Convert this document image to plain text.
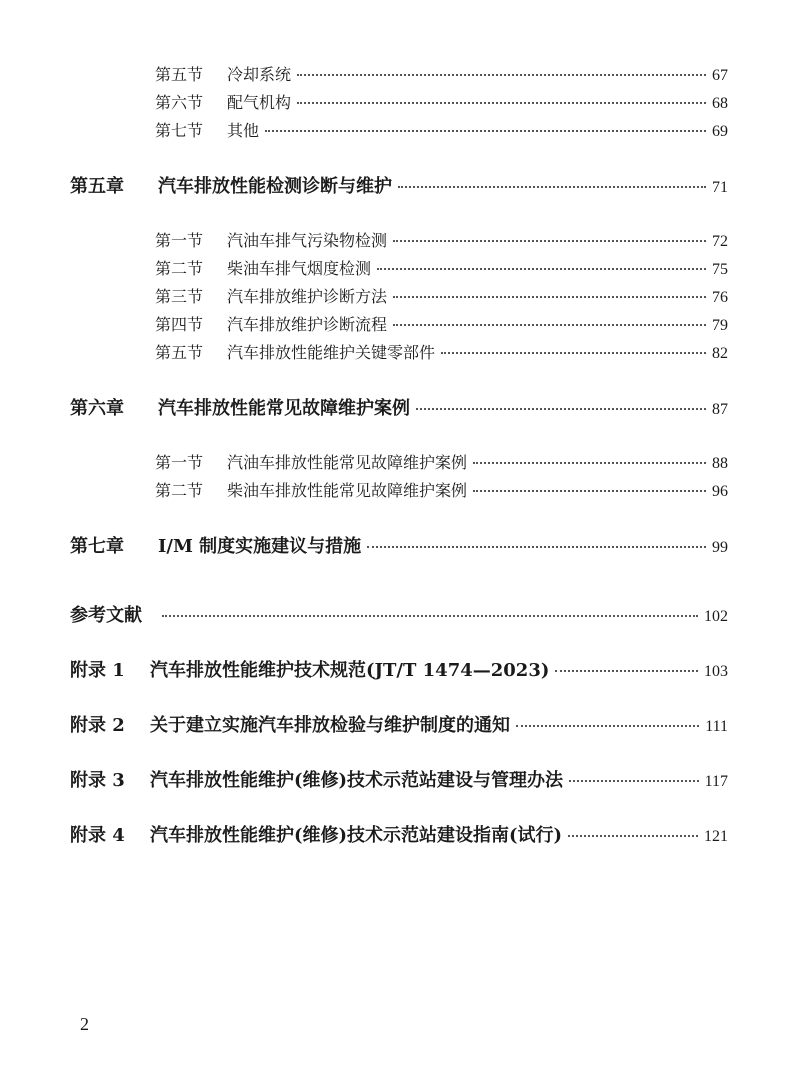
第五节	冷却系统	67
第六节	配气机构	68
第七节	其他	69
第五章	汽车排放性能检测诊断与维护	71
第一节	汽油车排气污染物检测	72
第二节	柴油车排气烟度检测	75
第三节	汽车排放维护诊断方法	76
第四节	汽车排放维护诊断流程	79
第五节	汽车排放性能维护关键零部件	82
第六章	汽车排放性能常见故障维护案例	87
第一节	汽油车排放性能常见故障维护案例	88
第二节	柴油车排放性能常见故障维护案例	96
第七章	I/M 制度实施建议与措施	99
参考文献	102
附录 1	汽车排放性能维护技术规范(JT/T 1474—2023)	103
附录 2	关于建立实施汽车排放检验与维护制度的通知	111
附录 3	汽车排放性能维护(维修)技术示范站建设与管理办法	117
附录 4	汽车排放性能维护(维修)技术示范站建设指南(试行)	121
2
